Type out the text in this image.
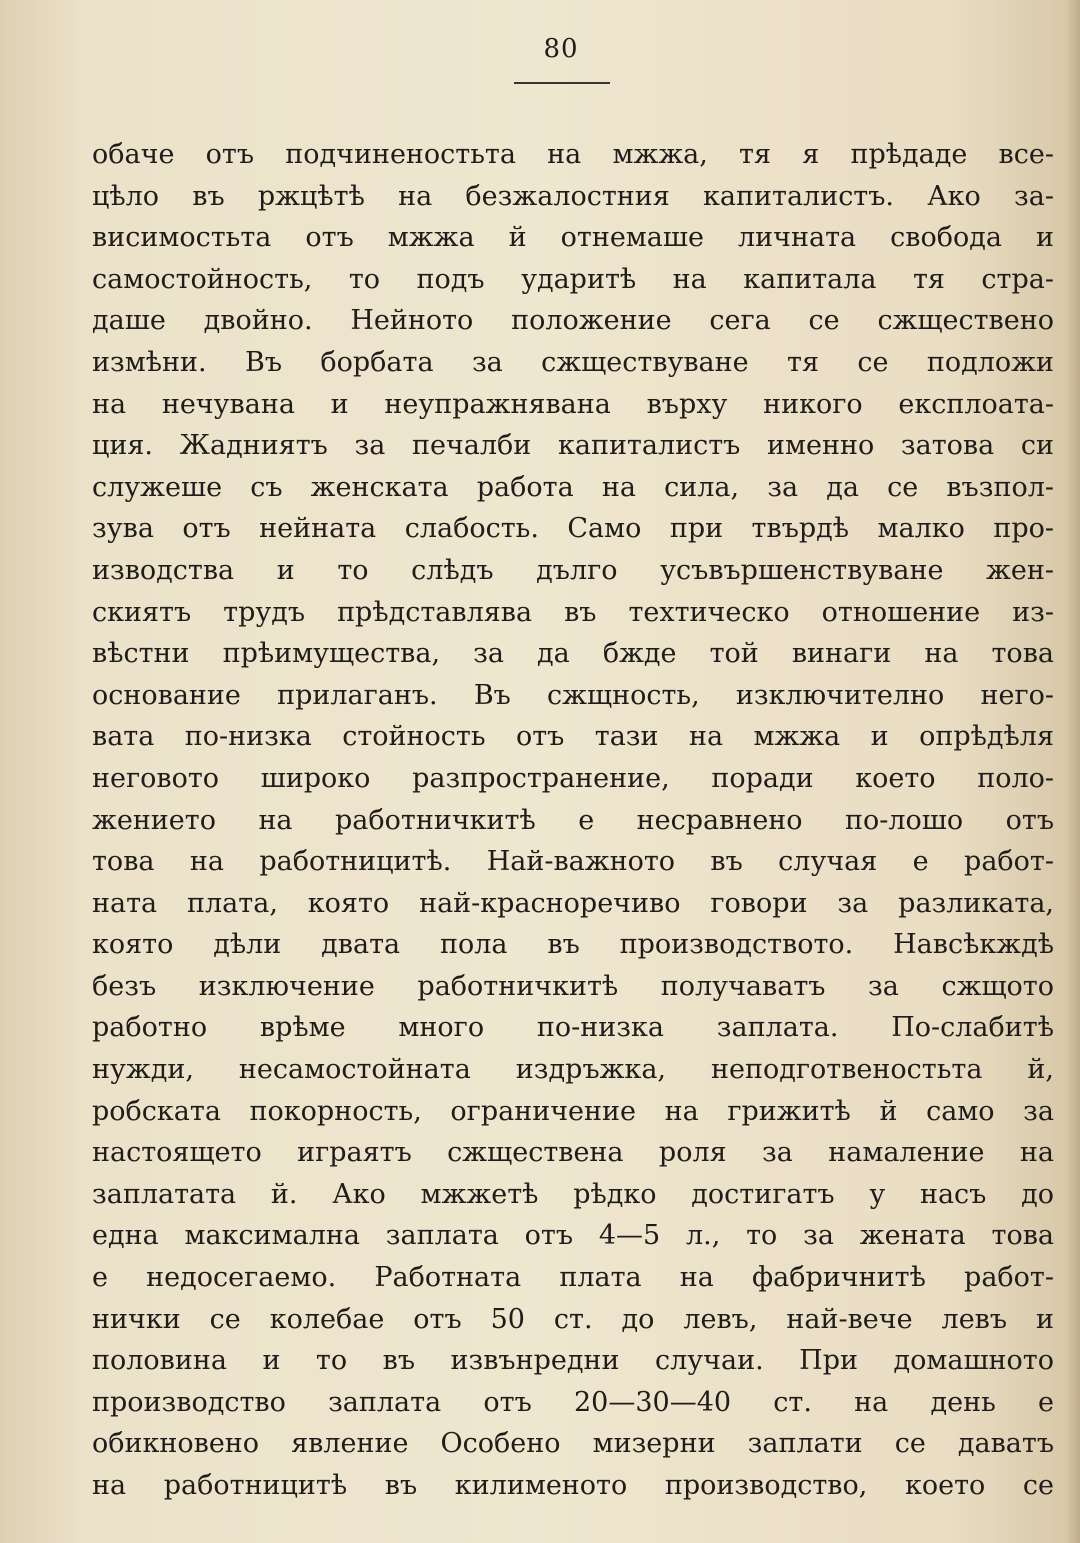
80
обаче отъ подчиненостьта на мжжа, тя я прѣдаде все-
цѣло въ ржцѣтѣ на безжалостния капиталистъ. Ако за-
висимостьта отъ мжжа й отнемаше личната свобода и
самостойность, то подъ ударитѣ на капитала тя стра-
даше двойно. Нейното положение сега се сжществено
измѣни. Въ борбата за сжществуване тя се подложи
на нечувана и неупражнявана върху никого експлоата-
ция. Жадниятъ за печалби капиталистъ именно затова си
служеше съ женската работа на сила, за да се възпол-
зува отъ нейната слабость. Само при твърдѣ малко про-
изводства и то слѣдъ дълго усъвършенствуване жен-
скиятъ трудъ прѣдставлява въ техтическо отношение из-
вѣстни прѣимущества, за да бжде той винаги на това
основание прилаганъ. Въ сжщность, изключително него-
вата по-низка стойность отъ тази на мжжа и опрѣдѣля
неговото широко разпространение, поради което поло-
жението на работничкитѣ е несравнено по-лошо отъ
това на работницитѣ. Най-важното въ случая е работ-
ната плата, която най-красноречиво говори за разликата,
която дѣли двата пола въ производството. Навсѣкждѣ
безъ изключение работничкитѣ получаватъ за сжщото
работно врѣме много по-низка заплата. По-слабитѣ
нужди, несамостойната издръжка, неподготвеностьта й,
робската покорность, ограничение на грижитѣ й само за
настоящето играятъ сжществена роля за намаление на
заплатата й. Ако мжжетѣ рѣдко достигатъ у насъ до
една максимална заплата отъ 4—5 л., то за жената това
е недосегаемо. Работната плата на фабричнитѣ работ-
нички се колебае отъ 50 ст. до левъ, най-вече левъ и
половина и то въ извънредни случаи. При домашното
производство заплата отъ 20—30—40 ст. на день е
обикновено явление Особено мизерни заплати се даватъ
на работницитѣ въ килименото производство, което се
